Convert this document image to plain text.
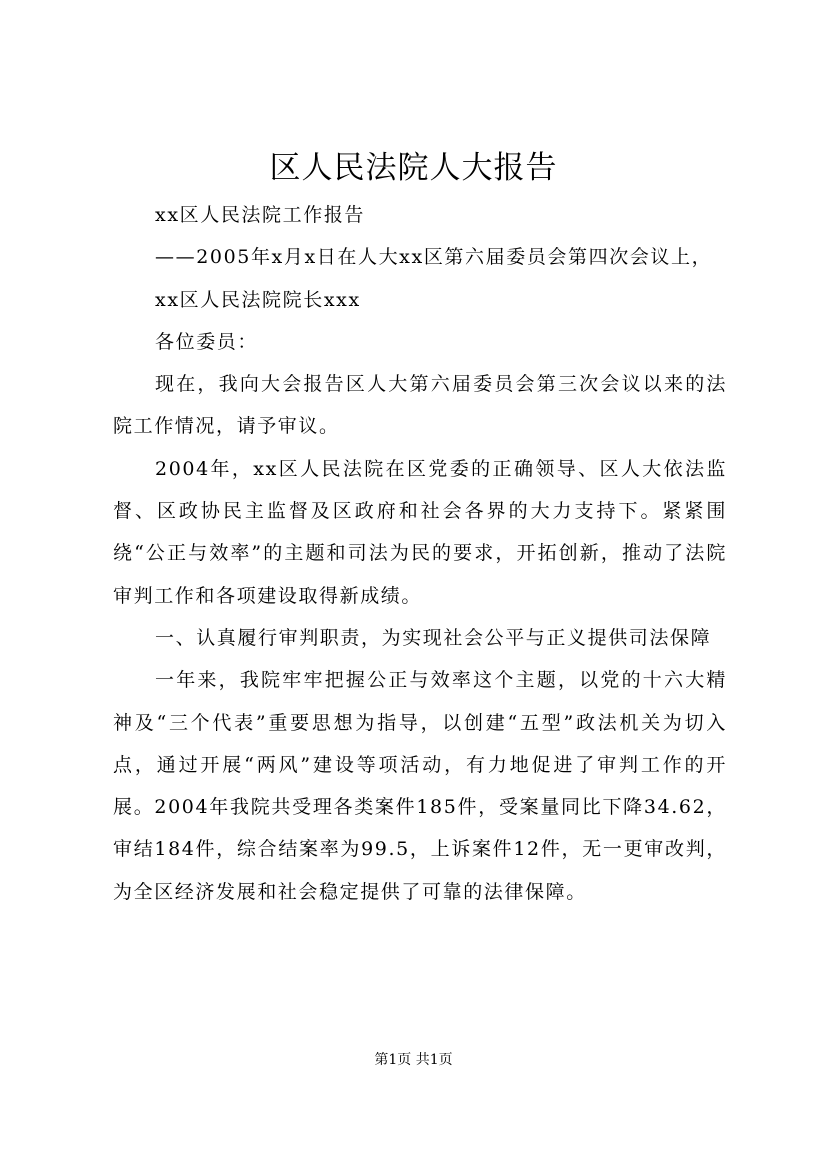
区人民法院人大报告

xx区人民法院工作报告

——2005年x月x日在人大xx区第六届委员会第四次会议上，

xx区人民法院院长xxx

各位委员：

现在，我向大会报告区人大第六届委员会第三次会议以来的法院工作情况，请予审议。

2004年，xx区人民法院在区党委的正确领导、区人大依法监督、区政协民主监督及区政府和社会各界的大力支持下。紧紧围绕“公正与效率”的主题和司法为民的要求，开拓创新，推动了法院审判工作和各项建设取得新成绩。

一、认真履行审判职责，为实现社会公平与正义提供司法保障

一年来，我院牢牢把握公正与效率这个主题，以党的十六大精神及“三个代表”重要思想为指导，以创建“五型”政法机关为切入点，通过开展“两风”建设等项活动，有力地促进了审判工作的开展。2004年我院共受理各类案件185件，受案量同比下降34.62，审结184件，综合结案率为99.5，上诉案件12件，无一更审改判，为全区经济发展和社会稳定提供了可靠的法律保障。

第1页 共1页
